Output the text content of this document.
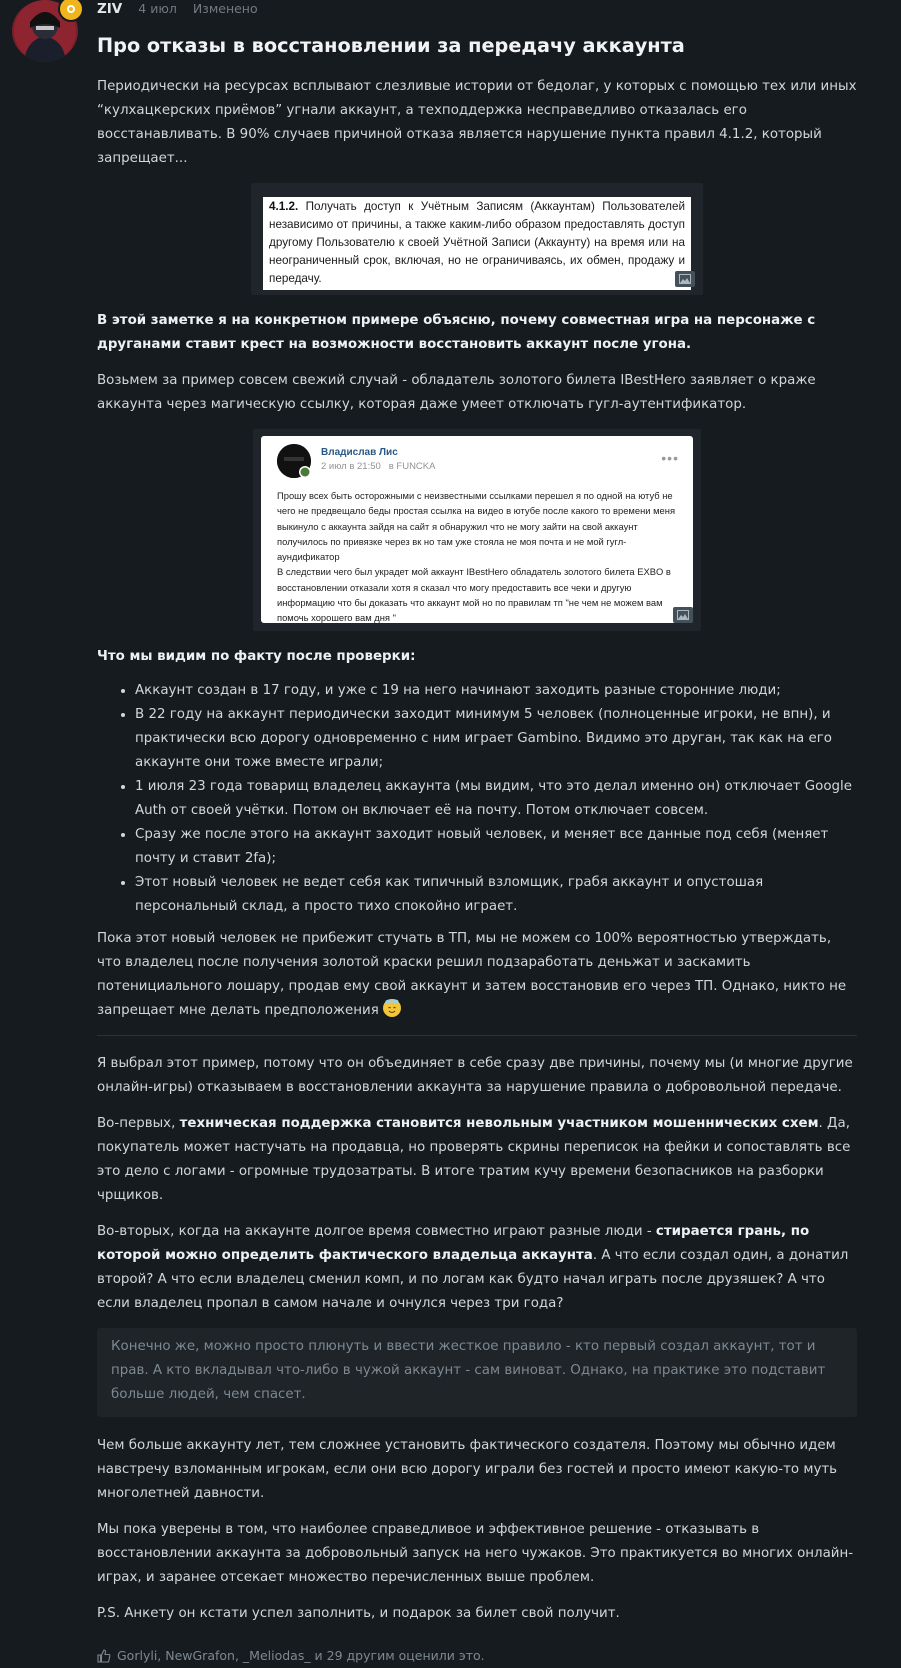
ZIV 4 июл Изменено
Про отказы в восстановлении за передачу аккаунта

Периодически на ресурсах всплывают слезливые истории от бедолаг, у которых с помощью тех или иных “кулхацкерских приёмов” угнали аккаунт, а техподдержка несправедливо отказалась его восстанавливать. В 90% случаев причиной отказа является нарушение пункта правил 4.1.2, который запрещает...

4.1.2. Получать доступ к Учётным Записям (Аккаунтам) Пользователей независимо от причины, а также каким-либо образом предоставлять доступ другому Пользователю к своей Учётной Записи (Аккаунту) на время или на неограниченный срок, включая, но не ограничиваясь, их обмен, продажу и передачу.

В этой заметке я на конкретном примере объясню, почему совместная игра на персонаже с друганами ставит крест на возможности восстановить аккаунт после угона.

Возьмем за пример совсем свежий случай - обладатель золотого билета IBestHero заявляет о краже аккаунта через магическую ссылку, которая даже умеет отключать гугл-аутентификатор.

Владислав Лис
2 июл в 21:50 в FUNCKA
•••
Прошу всех быть осторожными с неизвестными ссылками перешел я по одной на ютуб не чего не предвещало беды простая ссылка на видео в ютубе после какого то времени меня выкинуло с аккаунта зайдя на сайт я обнаружил что не могу зайти на свой аккаунт получилось по привязке через вк но там уже стояла не моя почта и не мой гугл-аундификатор
В следствии чего был украдет мой аккаунт IBestHero обладатель золотого билета EXBO в восстановлении отказали хотя я сказал что могу предоставить все чеки и другую информацию что бы доказать что аккаунт мой но по правилам тп "не чем не можем вам помочь хорошего вам дня "
Что мы видим по факту после проверки:
• Аккаунт создан в 17 году, и уже с 19 на него начинают заходить разные сторонние люди;
• В 22 году на аккаунт периодически заходит минимум 5 человек (полноценные игроки, не впн), и практически всю дорогу одновременно с ним играет Gambino. Видимо это друган, так как на его аккаунте они тоже вместе играли;
• 1 июля 23 года товарищ владелец аккаунта (мы видим, что это делал именно он) отключает Google Auth от своей учётки. Потом он включает её на почту. Потом отключает совсем.
• Сразу же после этого на аккаунт заходит новый человек, и меняет все данные под себя (меняет почту и ставит 2fa);
• Этот новый человек не ведет себя как типичный взломщик, грабя аккаунт и опустошая персональный склад, а просто тихо спокойно играет.

Пока этот новый человек не прибежит стучать в ТП, мы не можем со 100% вероятностью утверждать, что владелец после получения золотой краски решил подзаработать деньжат и заскамить потенициального лошару, продав ему свой аккаунт и затем восстановив его через ТП. Однако, никто не запрещает мне делать предположения

Я выбрал этот пример, потому что он объединяет в себе сразу две причины, почему мы (и многие другие онлайн-игры) отказываем в восстановлении аккаунта за нарушение правила о добровольной передаче.

Во-первых, техническая поддержка становится невольным участником мошеннических схем. Да, покупатель может настучать на продавца, но проверять скрины переписок на фейки и сопоставлять все это дело с логами - огромные трудозатраты. В итоге тратим кучу времени безопасников на разборки чрщиков.

Во-вторых, когда на аккаунте долгое время совместно играют разные люди - стирается грань, по которой можно определить фактического владельца аккаунта. А что если создал один, а донатил второй? А что если владелец сменил комп, и по логам как будто начал играть после друзяшек? А что если владелец пропал в самом начале и очнулся через три года?

Конечно же, можно просто плюнуть и ввести жесткое правило - кто первый создал аккаунт, тот и прав. А кто вкладывал что-либо в чужой аккаунт - сам виноват. Однако, на практике это подставит больше людей, чем спасет.

Чем больше аккаунту лет, тем сложнее установить фактического создателя. Поэтому мы обычно идем навстречу взломанным игрокам, если они всю дорогу играли без гостей и просто имеют какую-то муть многолетней давности.

Мы пока уверены в том, что наиболее справедливое и эффективное решение - отказывать в восстановлении аккаунта за добровольный запуск на него чужаков. Это практикуется во многих онлайн-играх, и заранее отсекает множество перечисленных выше проблем.

P.S. Анкету он кстати успел заполнить, и подарок за билет свой получит.

Gorlyli, NewGrafon, _Meliodas_ и 29 другим оценили это.
